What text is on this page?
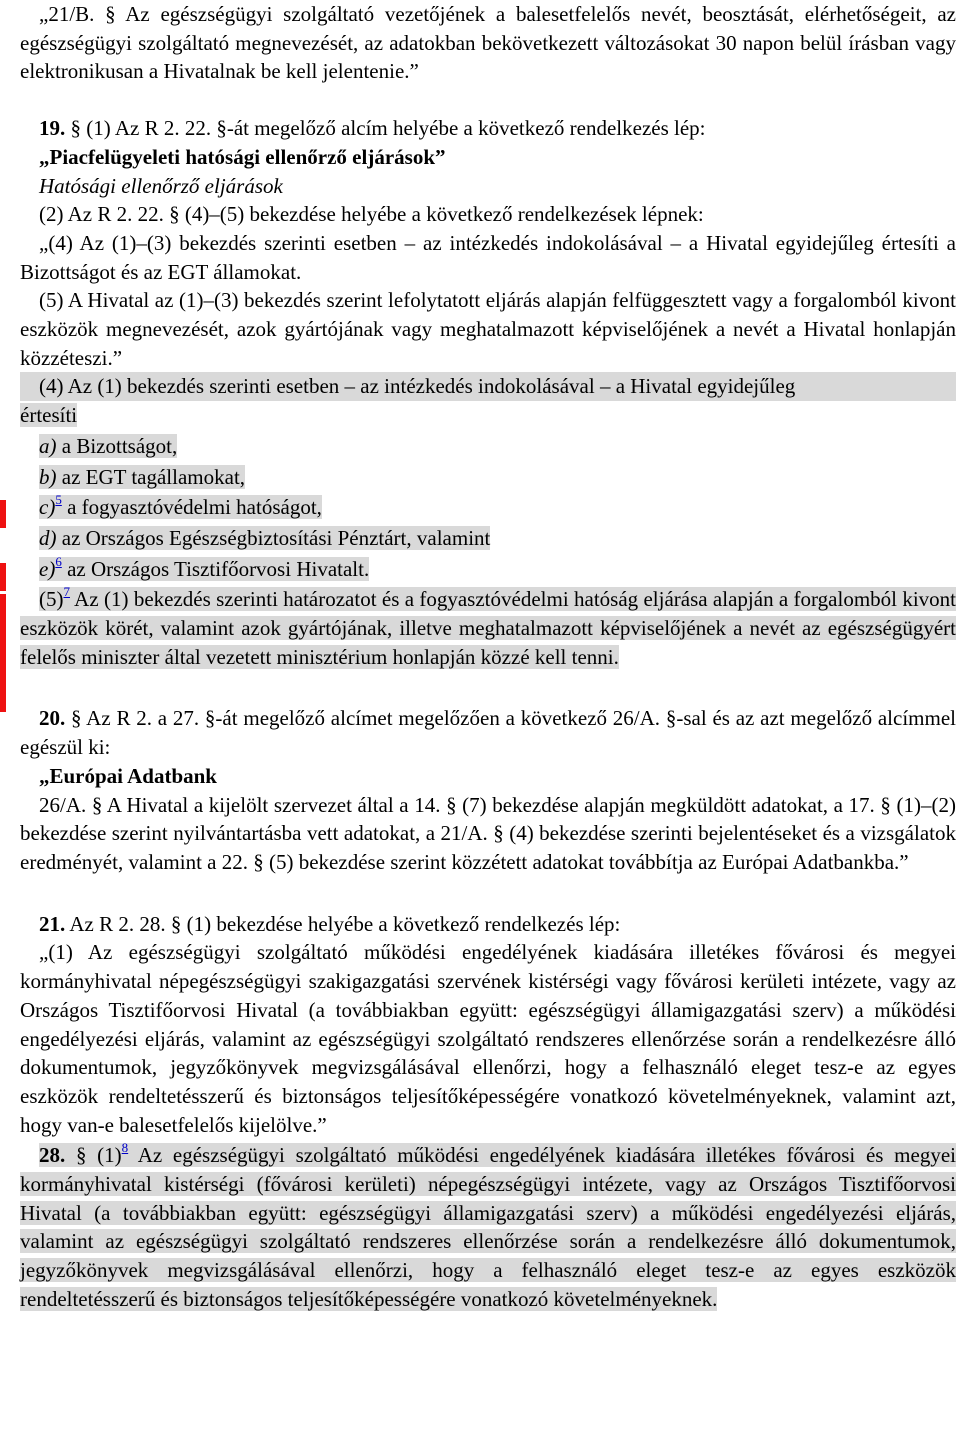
„21/B. § Az egészségügyi szolgáltató vezetőjének a balesetfelelős nevét, beosztását, elérhetőségeit, az egészségügyi szolgáltató megnevezését, az adatokban bekövetkezett változásokat 30 napon belül írásban vagy elektronikusan a Hivatalnak be kell jelentenie.”

19. § (1) Az R 2. 22. §-át megelőző alcím helyébe a következő rendelkezés lép:

„Piacfelügyeleti hatósági ellenőrző eljárások”

Hatósági ellenőrző eljárások

(2) Az R 2. 22. § (4)–(5) bekezdése helyébe a következő rendelkezések lépnek:

„(4) Az (1)–(3) bekezdés szerinti esetben – az intézkedés indokolásával – a Hivatal egyidejűleg értesíti a Bizottságot és az EGT államokat.

(5) A Hivatal az (1)–(3) bekezdés szerint lefolytatott eljárás alapján felfüggesztett vagy a forgalomból kivont eszközök megnevezését, azok gyártójának vagy meghatalmazott képviselőjének a nevét a Hivatal honlapján közzéteszi.”

(4) Az (1) bekezdés szerinti esetben – az intézkedés indokolásával – a Hivatal egyidejűleg
értesíti
a) a Bizottságot,
b) az EGT tagállamokat,
c)$^5$ a fogyasztóvédelmi hatóságot,
d) az Országos Egészségbiztosítási Pénztárt, valamint
e)$^6$ az Országos Tisztifőorvosi Hivatalt.

$(5)^7$ Az (1) bekezdés szerinti határozatot és a fogyasztóvédelmi hatóság eljárása alapján a forgalomból kivont eszközök körét, valamint azok gyártójának, illetve meghatalmazott képviselőjének a nevét az egészségügyért felelős miniszter által vezetett minisztérium honlapján közzé kell tenni.

20. § Az R 2. a 27. §-át megelőző alcímet megelőzően a következő 26/A. §-sal és az azt megelőző alcímmel egészül ki:

„Európai Adatbank

26/A. § A Hivatal a kijelölt szervezet által a 14. § (7) bekezdése alapján megküldött adatokat, a 17. § (1)–(2) bekezdése szerint nyilvántartásba vett adatokat, a 21/A. § (4) bekezdése szerinti bejelentéseket és a vizsgálatok eredményét, valamint a 22. § (5) bekezdése szerint közzétett adatokat továbbítja az Európai Adatbankba.”

21. Az R 2. 28. § (1) bekezdése helyébe a következő rendelkezés lép:

„(1) Az egészségügyi szolgáltató működési engedélyének kiadására illetékes fővárosi és megyei kormányhivatal népegészségügyi szakigazgatási szervének kistérségi vagy fővárosi kerületi intézete, vagy az Országos Tisztifőorvosi Hivatal (a továbbiakban együtt: egészségügyi államigazgatási szerv) a működési engedélyezési eljárás, valamint az egészségügyi szolgáltató rendszeres ellenőrzése során a rendelkezésre álló dokumentumok, jegyzőkönyvek megvizsgálásával ellenőrzi, hogy a felhasználó eleget tesz-e az egyes eszközök rendeltetésszerű és biztonságos teljesítőképességére vonatkozó követelményeknek, valamint azt, hogy van-e balesetfelelős kijelölve.”

28. § $(1)^8$ Az egészségügyi szolgáltató működési engedélyének kiadására illetékes fővárosi és megyei kormányhivatal kistérségi (fővárosi kerületi) népegészségügyi intézete, vagy az Országos Tisztifőorvosi Hivatal (a továbbiakban együtt: egészségügyi államigazgatási szerv) a működési engedélyezési eljárás, valamint az egészségügyi szolgáltató rendszeres ellenőrzése során a rendelkezésre álló dokumentumok, jegyzőkönyvek megvizsgálásával ellenőrzi, hogy a felhasználó eleget tesz-e az egyes eszközök rendeltetésszerű és biztonságos teljesítőképességére vonatkozó követelményeknek.
